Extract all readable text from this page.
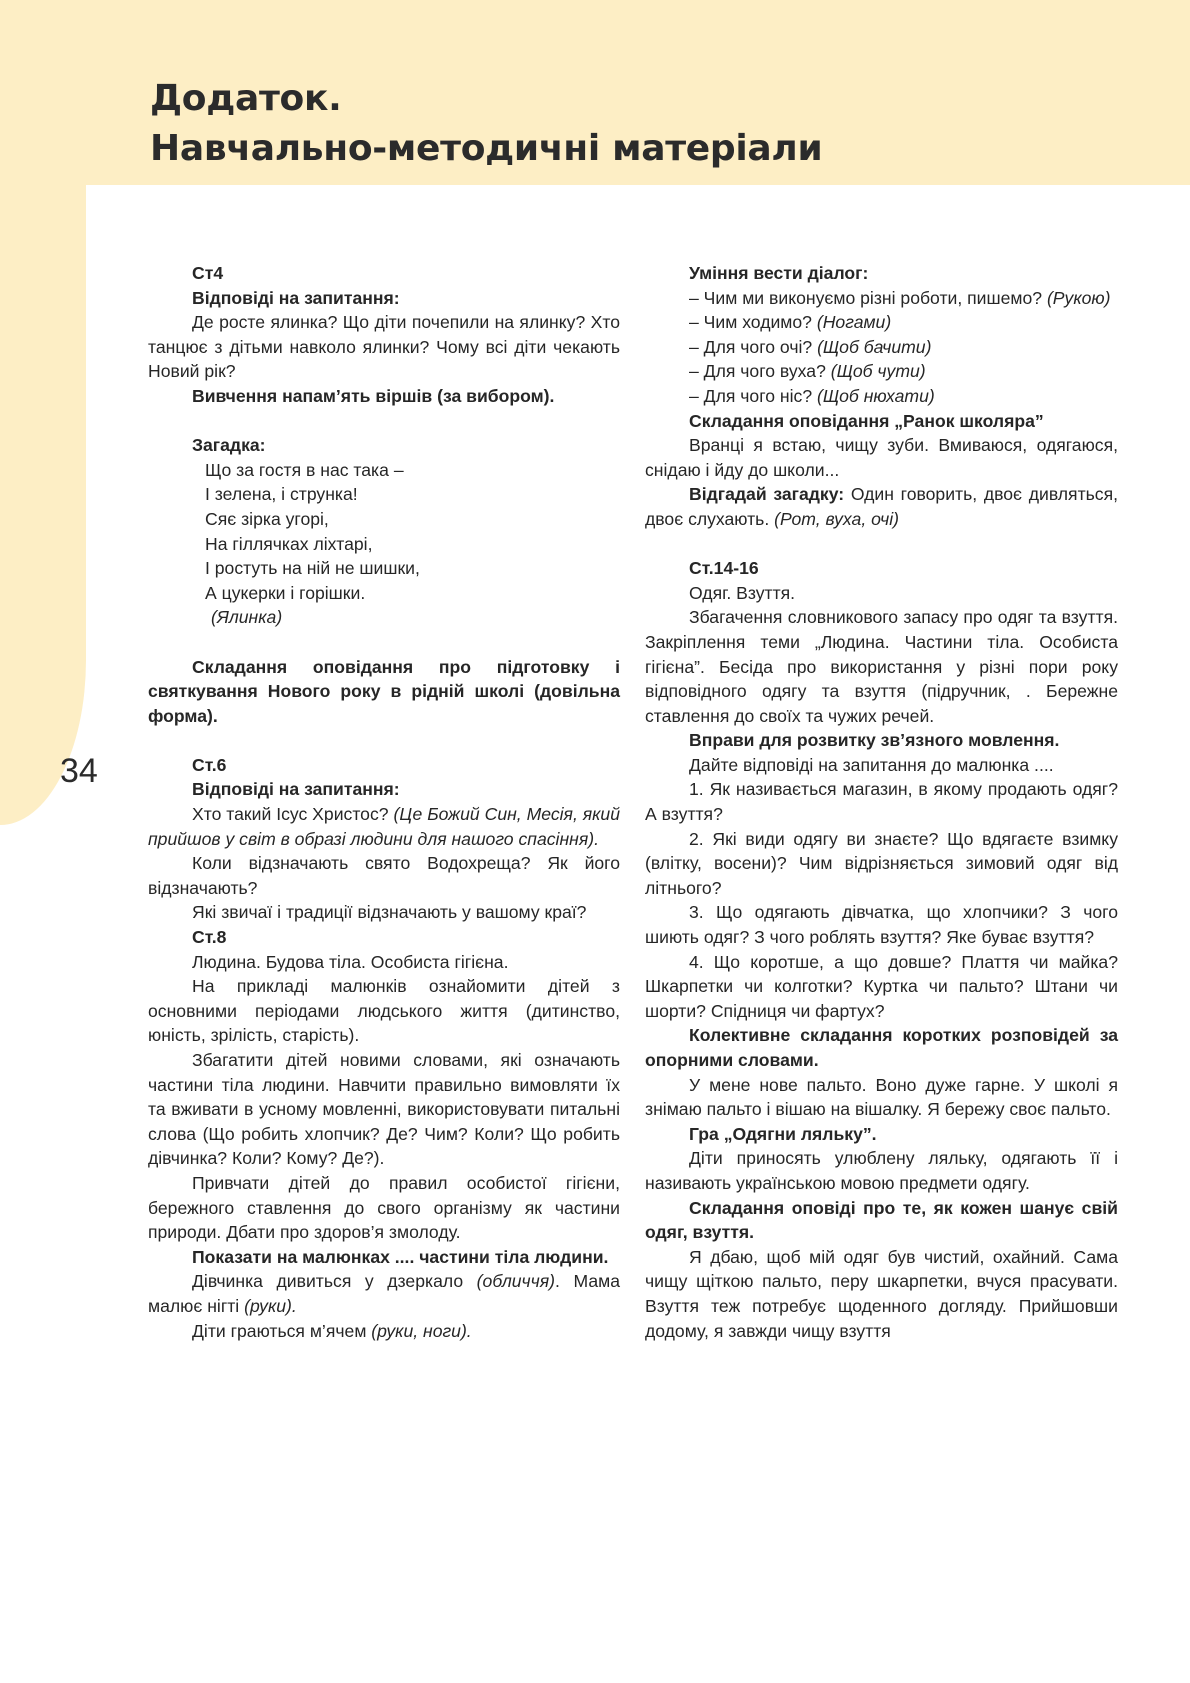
Додаток.
Навчально-методичні матеріали
34

Ст4

Відповіді на запитання:

Де росте ялинка? Що діти почепили на ялинку? Хто танцює з дітьми навколо ялинки? Чому всі діти чекають Новий рік?

Вивчення напам’ять віршів (за вибором).

Загадка:

Що за гостя в нас така –
І зелена, і струнка!
Сяє зірка угорі,
На гіллячках ліхтарі,
І ростуть на ній не шишки,
А цукерки і горішки.
(Ялинка)

Складання оповідання про підготовку і святкування Нового року в рідній школі (довільна форма).

Ст.6

Відповіді на запитання:

Хто такий Ісус Христос? (Це Божий Син, Месія, який прийшов у світ в образі людини для нашого спасіння).

Коли відзначають свято Водохреща? Як його відзначають?

Які звичаї і традиції відзначають у вашому краї?

Ст.8

Людина. Будова тіла. Особиста гігієна.

На прикладі малюнків ознайомити дітей з основними періодами людського життя (дитинство, юність, зрілість, старість).

Збагатити дітей новими словами, які означають частини тіла людини. Навчити правильно вимовляти їх та вживати в усному мовленні, використовувати питальні слова (Що робить хлопчик? Де? Чим? Коли? Що робить дівчинка? Коли? Кому? Де?).

Привчати дітей до правил особистої гігієни, бережного ставлення до свого організму як частини природи. Дбати про здоров’я змолоду.

Показати на малюнках .... частини тіла людини.

Дівчинка дивиться у дзеркало (обличчя). Мама малює нігті (руки).

Діти граються м’ячем (руки, ноги).

Уміння вести діалог:

– Чим ми виконуємо різні роботи, пишемо? (Рукою)

– Чим ходимо? (Ногами)

– Для чого очі? (Щоб бачити)

– Для чого вуха? (Щоб чути)

– Для чого ніс? (Щоб нюхати)

Складання оповідання „Ранок школяра”

Вранці я встаю, чищу зуби. Вмиваюся, одягаюся, снідаю і йду до школи...

Відгадай загадку: Один говорить, двоє дивляться, двоє слухають. (Рот, вуха, очі)

Ст.14-16

Одяг. Взуття.

Збагачення словникового запасу про одяг та взуття. Закріплення теми „Людина. Частини тіла. Особиста гігієна”. Бесіда про використання у різні пори року відповідного одягу та взуття (підручник, . Бережне ставлення до своїх та чужих речей.

Вправи для розвитку зв’язного мовлення.

Дайте відповіді на запитання до малюнка ....

1. Як називається магазин, в якому продають одяг? А взуття?

2. Які види одягу ви знаєте? Що вдягаєте взимку (влітку, восени)? Чим відрізняється зимовий одяг від літнього?

3. Що одягають дівчатка, що хлопчики? З чого шиють одяг? З чого роблять взуття? Яке буває взуття?

4. Що коротше, а що довше? Плаття чи майка? Шкарпетки чи колготки? Куртка чи пальто? Штани чи шорти? Спідниця чи фартух?

Колективне складання коротких розповідей за опорними словами.

У мене нове пальто. Воно дуже гарне. У школі я знімаю пальто і вішаю на вішалку. Я бережу своє пальто.

Гра „Одягни ляльку”.

Діти приносять улюблену ляльку, одягають її і називають українською мовою предмети одягу.

Складання оповіді про те, як кожен шанує свій одяг, взуття.

Я дбаю, щоб мій одяг був чистий, охайний. Сама чищу щіткою пальто, перу шкарпетки, вчуся прасувати. Взуття теж потребує щоденного догляду. Прийшовши додому, я завжди чищу взуття
